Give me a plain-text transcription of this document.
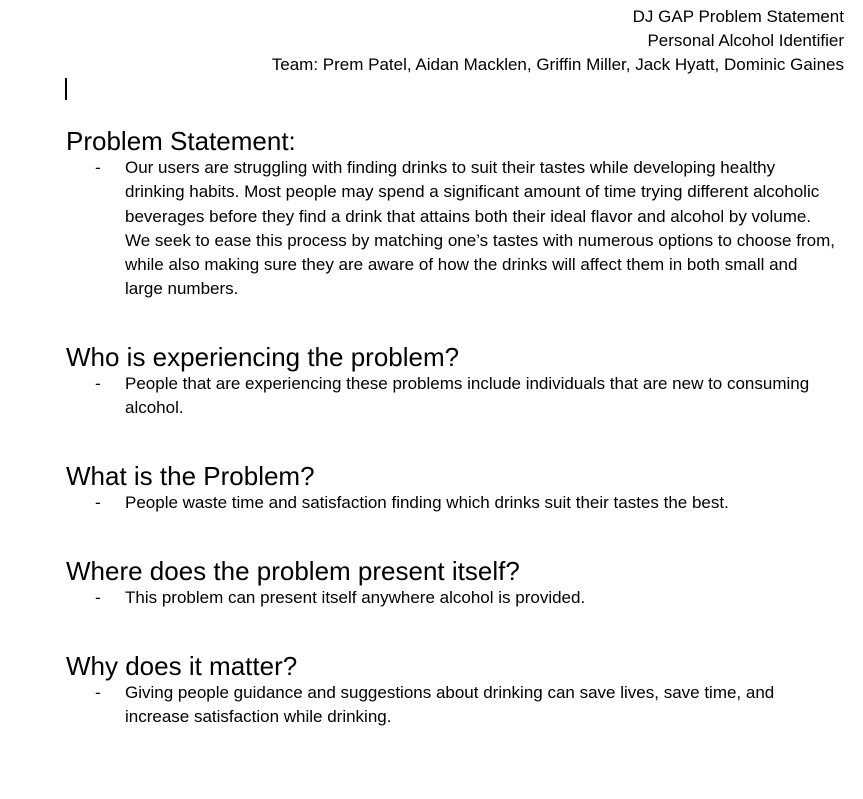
DJ GAP Problem Statement
Personal Alcohol Identifier
Team: Prem Patel, Aidan Macklen, Griffin Miller, Jack Hyatt, Dominic Gaines
Problem Statement:
-	Our users are struggling with finding drinks to suit their tastes while developing healthy drinking habits. Most people may spend a significant amount of time trying different alcoholic beverages before they find a drink that attains both their ideal flavor and alcohol by volume. We seek to ease this process by matching one’s tastes with numerous options to choose from, while also making sure they are aware of how the drinks will affect them in both small and large numbers.
Who is experiencing the problem?
-	People that are experiencing these problems include individuals that are new to consuming alcohol.
What is the Problem?
-	People waste time and satisfaction finding which drinks suit their tastes the best.
Where does the problem present itself?
-	This problem can present itself anywhere alcohol is provided.
Why does it matter?
-	Giving people guidance and suggestions about drinking can save lives, save time, and increase satisfaction while drinking.
